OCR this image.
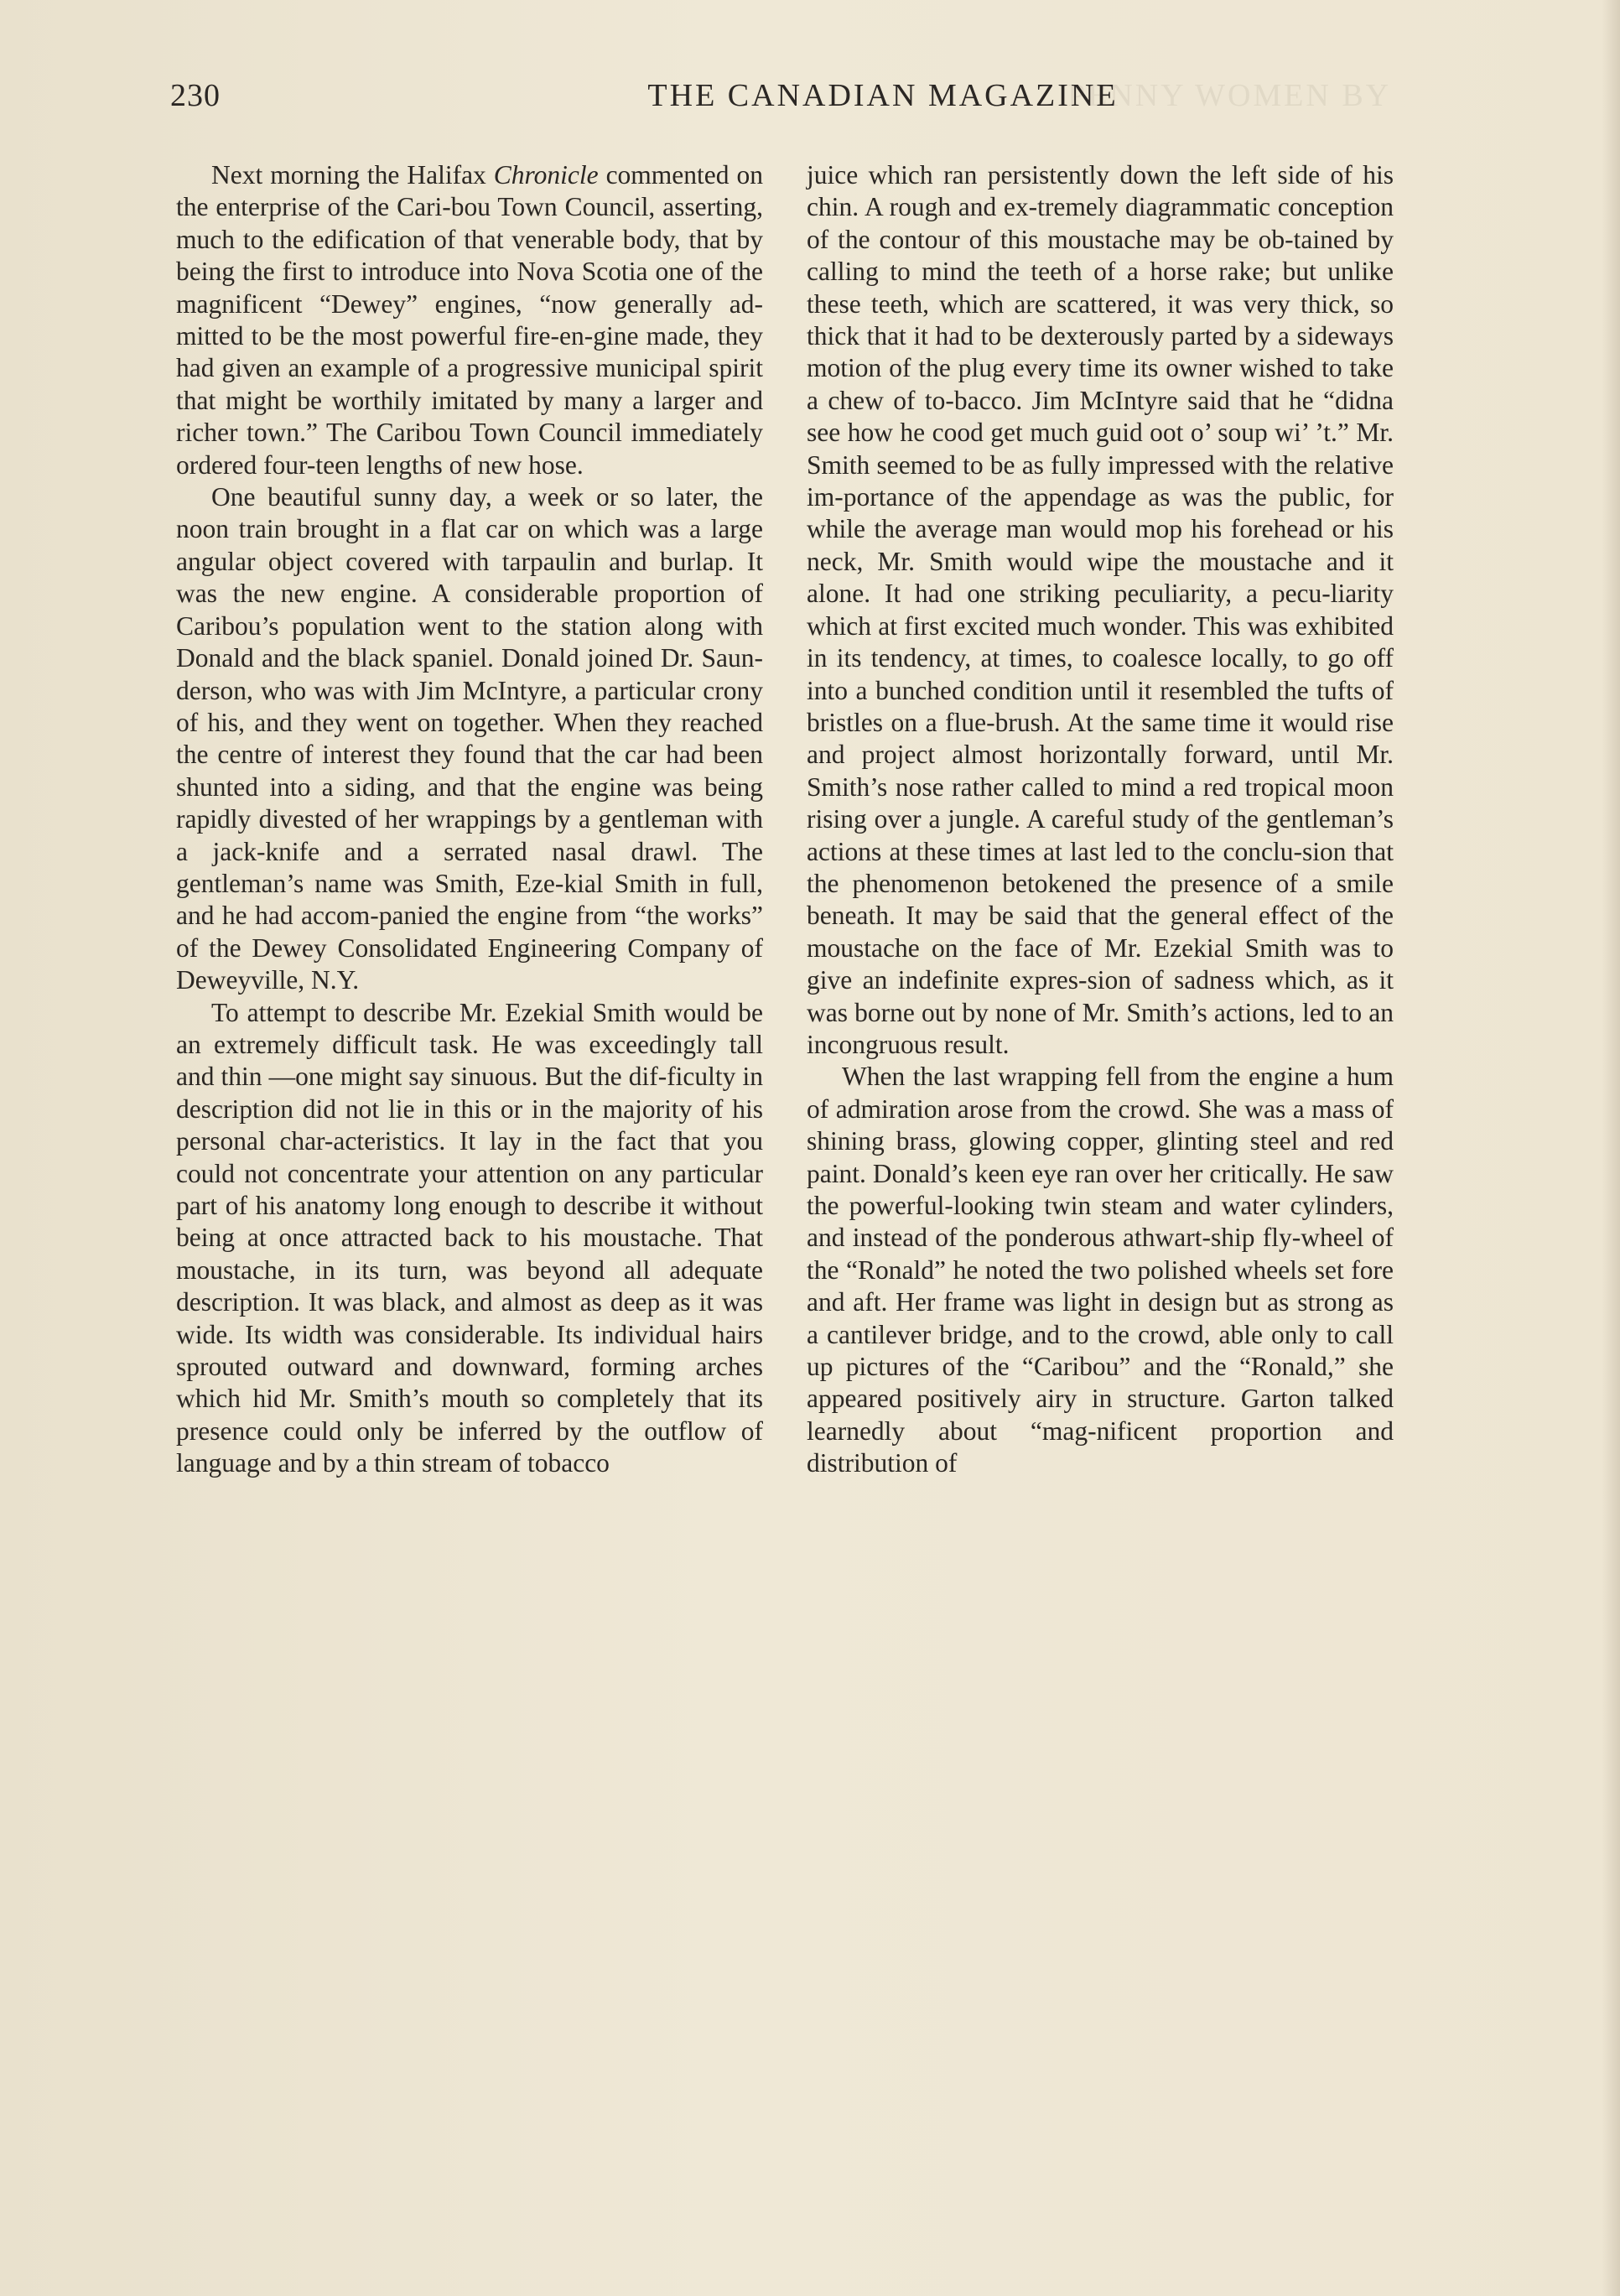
230	THE CANADIAN MAGAZINE
PENNY WOMEN BY

Next morning the Halifax Chronicle commented on the enterprise of the Cari-bou Town Council, asserting, much to the edification of that venerable body, that by being the first to introduce into Nova Scotia one of the magnificent “Dewey” engines, “now generally ad-mitted to be the most powerful fire-en-gine made, they had given an example of a progressive municipal spirit that might be worthily imitated by many a larger and richer town.” The Caribou Town Council immediately ordered four-teen lengths of new hose.

One beautiful sunny day, a week or so later, the noon train brought in a flat car on which was a large angular object covered with tarpaulin and burlap. It was the new engine. A considerable proportion of Caribou’s population went to the station along with Donald and the black spaniel. Donald joined Dr. Saun-derson, who was with Jim McIntyre, a particular crony of his, and they went on together. When they reached the centre of interest they found that the car had been shunted into a siding, and that the engine was being rapidly divested of her wrappings by a gentleman with a jack-knife and a serrated nasal drawl. The gentleman’s name was Smith, Eze-kial Smith in full, and he had accom-panied the engine from “the works” of the Dewey Consolidated Engineering Company of Deweyville, N.Y.

To attempt to describe Mr. Ezekial Smith would be an extremely difficult task. He was exceedingly tall and thin —one might say sinuous. But the dif-ficulty in description did not lie in this or in the majority of his personal char-acteristics. It lay in the fact that you could not concentrate your attention on any particular part of his anatomy long enough to describe it without being at once attracted back to his moustache. That moustache, in its turn, was beyond all adequate description. It was black, and almost as deep as it was wide. Its width was considerable. Its individual hairs sprouted outward and downward, forming arches which hid Mr. Smith’s mouth so completely that its presence could only be inferred by the outflow of language and by a thin stream of tobacco

juice which ran persistently down the left side of his chin. A rough and ex-tremely diagrammatic conception of the contour of this moustache may be ob-tained by calling to mind the teeth of a horse rake; but unlike these teeth, which are scattered, it was very thick, so thick that it had to be dexterously parted by a sideways motion of the plug every time its owner wished to take a chew of to-bacco. Jim McIntyre said that he “didna see how he cood get much guid oot o’ soup wi’ ’t.” Mr. Smith seemed to be as fully impressed with the relative im-portance of the appendage as was the public, for while the average man would mop his forehead or his neck, Mr. Smith would wipe the moustache and it alone. It had one striking peculiarity, a pecu-liarity which at first excited much wonder. This was exhibited in its tendency, at times, to coalesce locally, to go off into a bunched condition until it resembled the tufts of bristles on a flue-brush. At the same time it would rise and project almost horizontally forward, until Mr. Smith’s nose rather called to mind a red tropical moon rising over a jungle. A careful study of the gentleman’s actions at these times at last led to the conclu-sion that the phenomenon betokened the presence of a smile beneath. It may be said that the general effect of the moustache on the face of Mr. Ezekial Smith was to give an indefinite expres-sion of sadness which, as it was borne out by none of Mr. Smith’s actions, led to an incongruous result.

When the last wrapping fell from the engine a hum of admiration arose from the crowd. She was a mass of shining brass, glowing copper, glinting steel and red paint. Donald’s keen eye ran over her critically. He saw the powerful-looking twin steam and water cylinders, and instead of the ponderous athwart-ship fly-wheel of the “Ronald” he noted the two polished wheels set fore and aft. Her frame was light in design but as strong as a cantilever bridge, and to the crowd, able only to call up pictures of the “Caribou” and the “Ronald,” she appeared positively airy in structure. Garton talked learnedly about “mag-nificent proportion and distribution of
